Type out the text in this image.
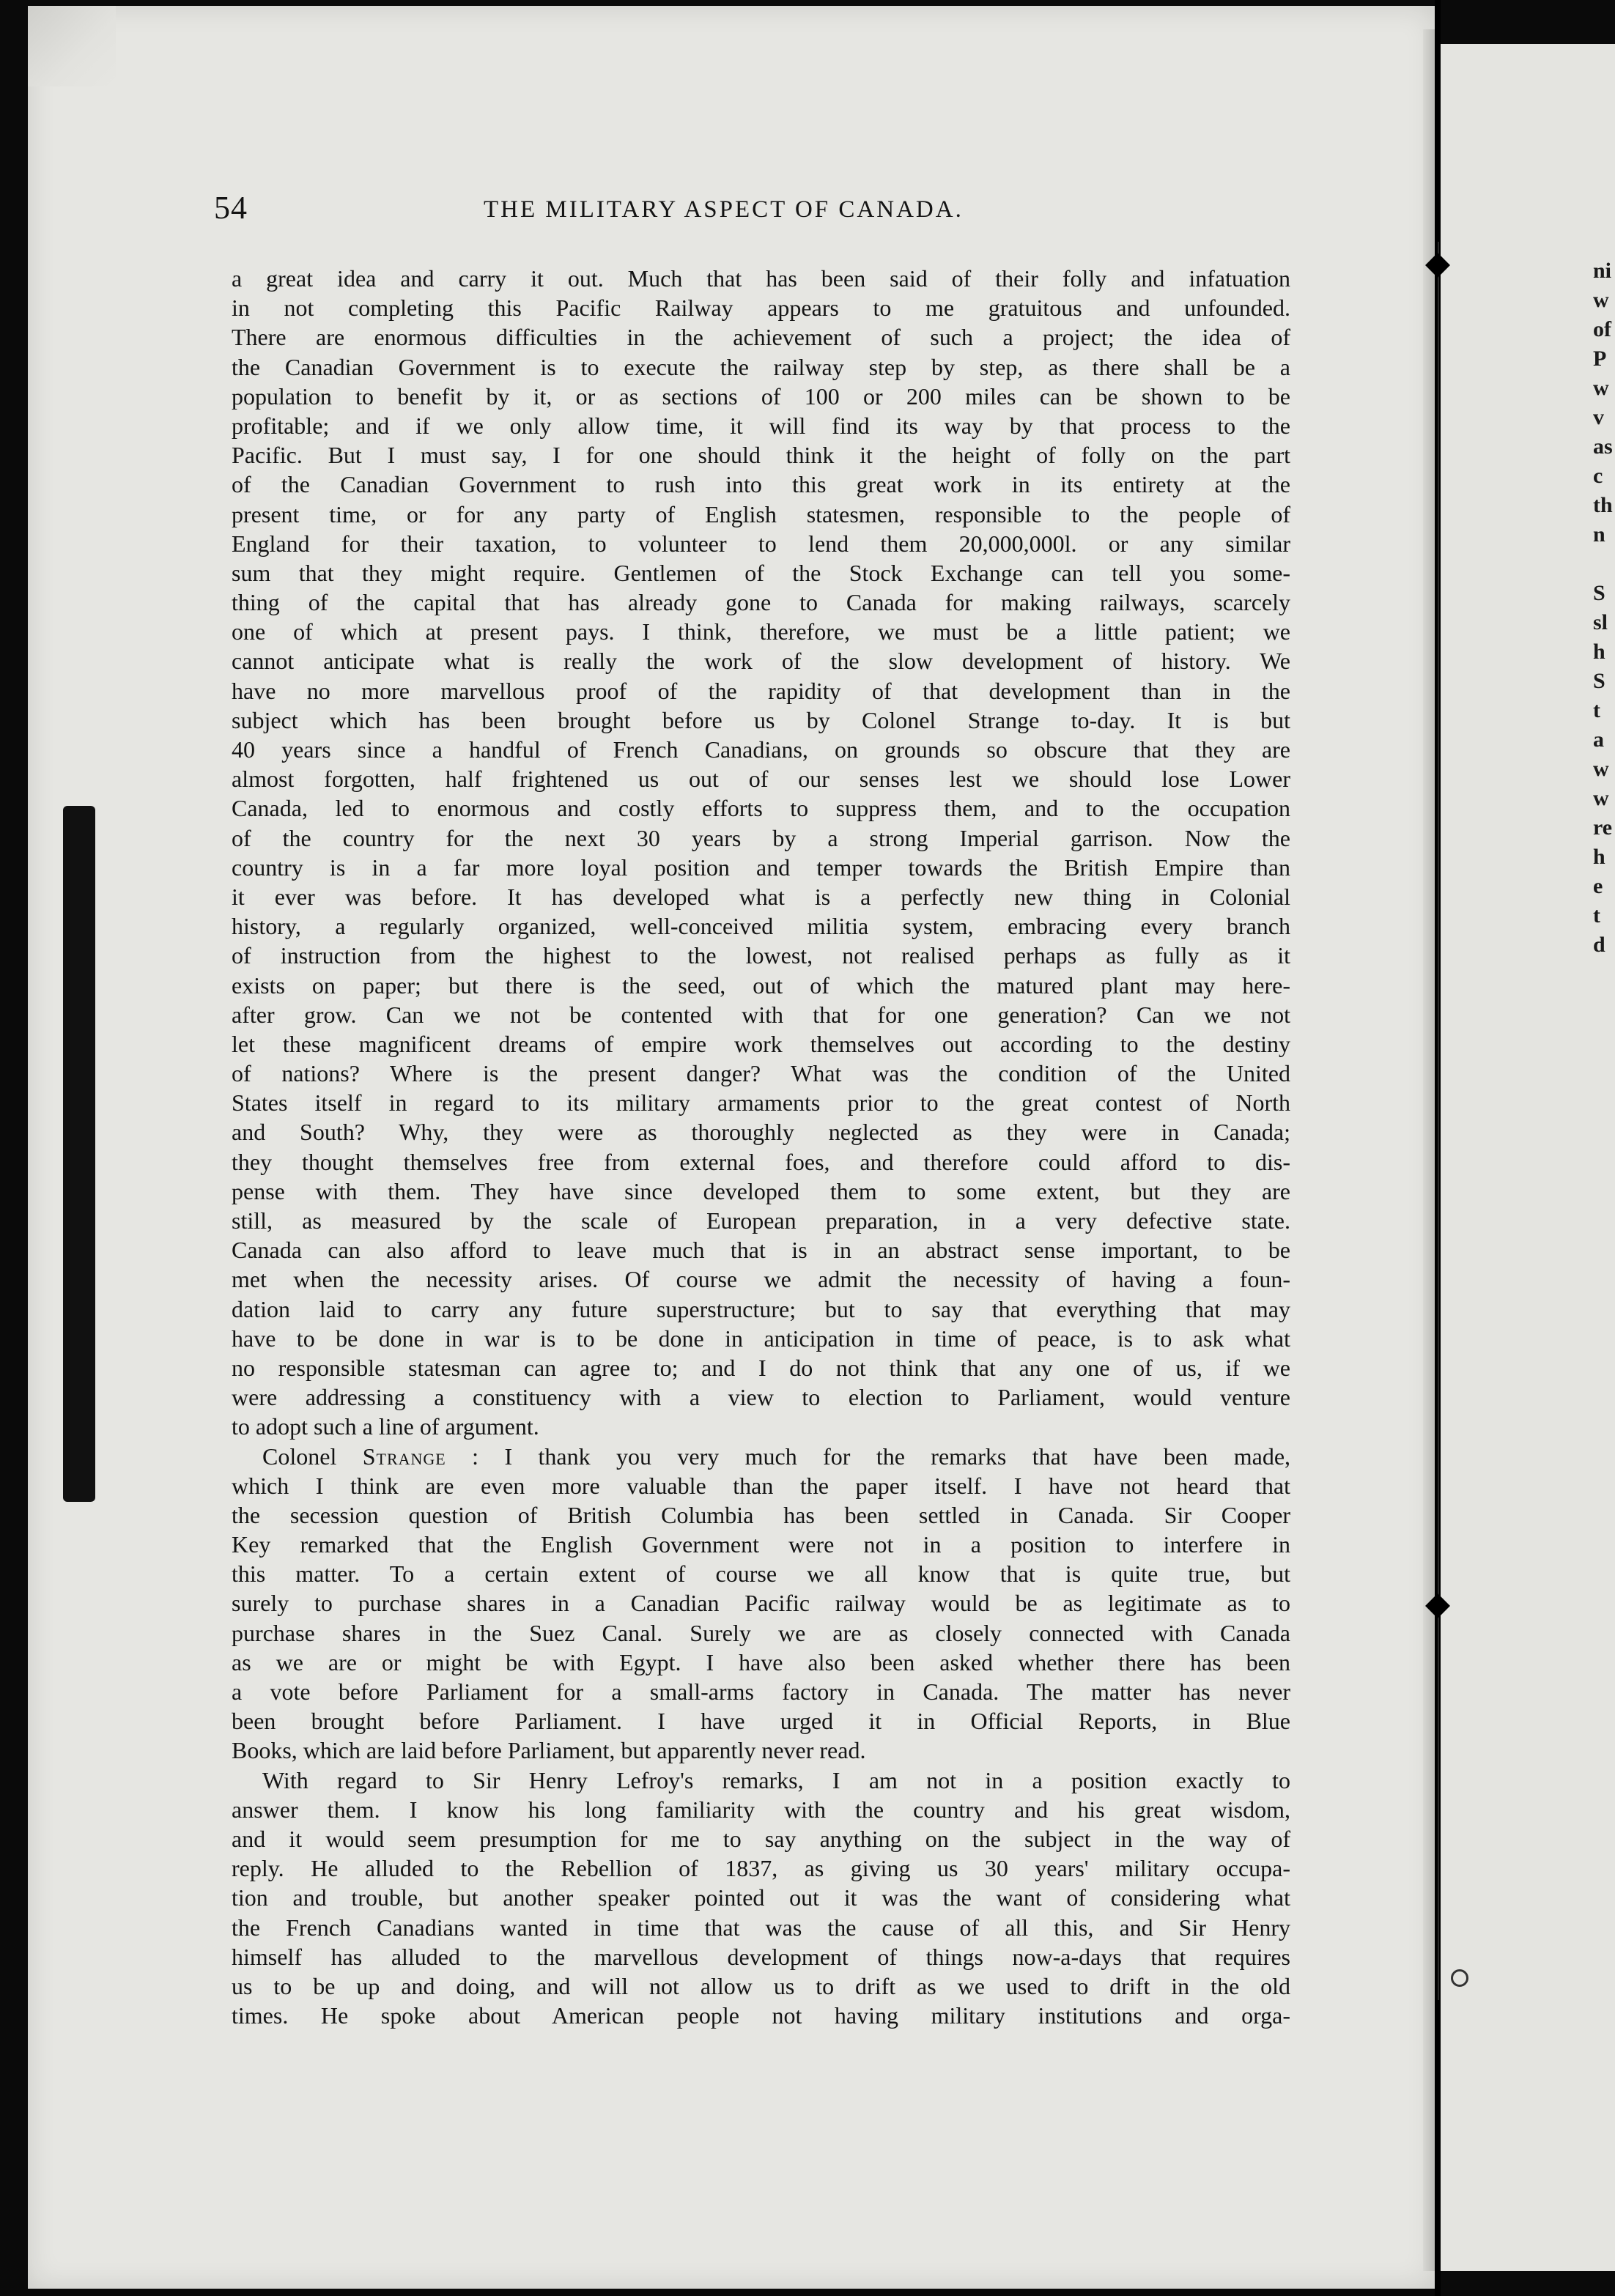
ni
w
of
P
w
v
as
c
th
n

S
sl
h
S
t
a
w
w
re
h
e
t
d
54	THE MILITARY ASPECT OF CANADA.
a great idea and carry it out. Much that has been said of their folly and infatuation
in not completing this Pacific Railway appears to me gratuitous and unfounded.
There are enormous difficulties in the achievement of such a project; the idea of
the Canadian Government is to execute the railway step by step, as there shall be a
population to benefit by it, or as sections of 100 or 200 miles can be shown to be
profitable; and if we only allow time, it will find its way by that process to the
Pacific. But I must say, I for one should think it the height of folly on the part
of the Canadian Government to rush into this great work in its entirety at the
present time, or for any party of English statesmen, responsible to the people of
England for their taxation, to volunteer to lend them 20,000,000l. or any similar
sum that they might require. Gentlemen of the Stock Exchange can tell you some-
thing of the capital that has already gone to Canada for making railways, scarcely
one of which at present pays. I think, therefore, we must be a little patient; we
cannot anticipate what is really the work of the slow development of history. We
have no more marvellous proof of the rapidity of that development than in the
subject which has been brought before us by Colonel Strange to-day. It is but
40 years since a handful of French Canadians, on grounds so obscure that they are
almost forgotten, half frightened us out of our senses lest we should lose Lower
Canada, led to enormous and costly efforts to suppress them, and to the occupation
of the country for the next 30 years by a strong Imperial garrison. Now the
country is in a far more loyal position and temper towards the British Empire than
it ever was before. It has developed what is a perfectly new thing in Colonial
history, a regularly organized, well-conceived militia system, embracing every branch
of instruction from the highest to the lowest, not realised perhaps as fully as it
exists on paper; but there is the seed, out of which the matured plant may here-
after grow. Can we not be contented with that for one generation? Can we not
let these magnificent dreams of empire work themselves out according to the destiny
of nations? Where is the present danger? What was the condition of the United
States itself in regard to its military armaments prior to the great contest of North
and South? Why, they were as thoroughly neglected as they were in Canada;
they thought themselves free from external foes, and therefore could afford to dis-
pense with them. They have since developed them to some extent, but they are
still, as measured by the scale of European preparation, in a very defective state.
Canada can also afford to leave much that is in an abstract sense important, to be
met when the necessity arises. Of course we admit the necessity of having a foun-
dation laid to carry any future superstructure; but to say that everything that may
have to be done in war is to be done in anticipation in time of peace, is to ask what
no responsible statesman can agree to; and I do not think that any one of us, if we
were addressing a constituency with a view to election to Parliament, would venture
to adopt such a line of argument.
Colonel Strange : I thank you very much for the remarks that have been made,
which I think are even more valuable than the paper itself. I have not heard that
the secession question of British Columbia has been settled in Canada. Sir Cooper
Key remarked that the English Government were not in a position to interfere in
this matter. To a certain extent of course we all know that is quite true, but
surely to purchase shares in a Canadian Pacific railway would be as legitimate as to
purchase shares in the Suez Canal. Surely we are as closely connected with Canada
as we are or might be with Egypt. I have also been asked whether there has been
a vote before Parliament for a small-arms factory in Canada. The matter has never
been brought before Parliament. I have urged it in Official Reports, in Blue
Books, which are laid before Parliament, but apparently never read.
With regard to Sir Henry Lefroy's remarks, I am not in a position exactly to
answer them. I know his long familiarity with the country and his great wisdom,
and it would seem presumption for me to say anything on the subject in the way of
reply. He alluded to the Rebellion of 1837, as giving us 30 years' military occupa-
tion and trouble, but another speaker pointed out it was the want of considering what
the French Canadians wanted in time that was the cause of all this, and Sir Henry
himself has alluded to the marvellous development of things now-a-days that requires
us to be up and doing, and will not allow us to drift as we used to drift in the old
times. He spoke about American people not having military institutions and orga-
